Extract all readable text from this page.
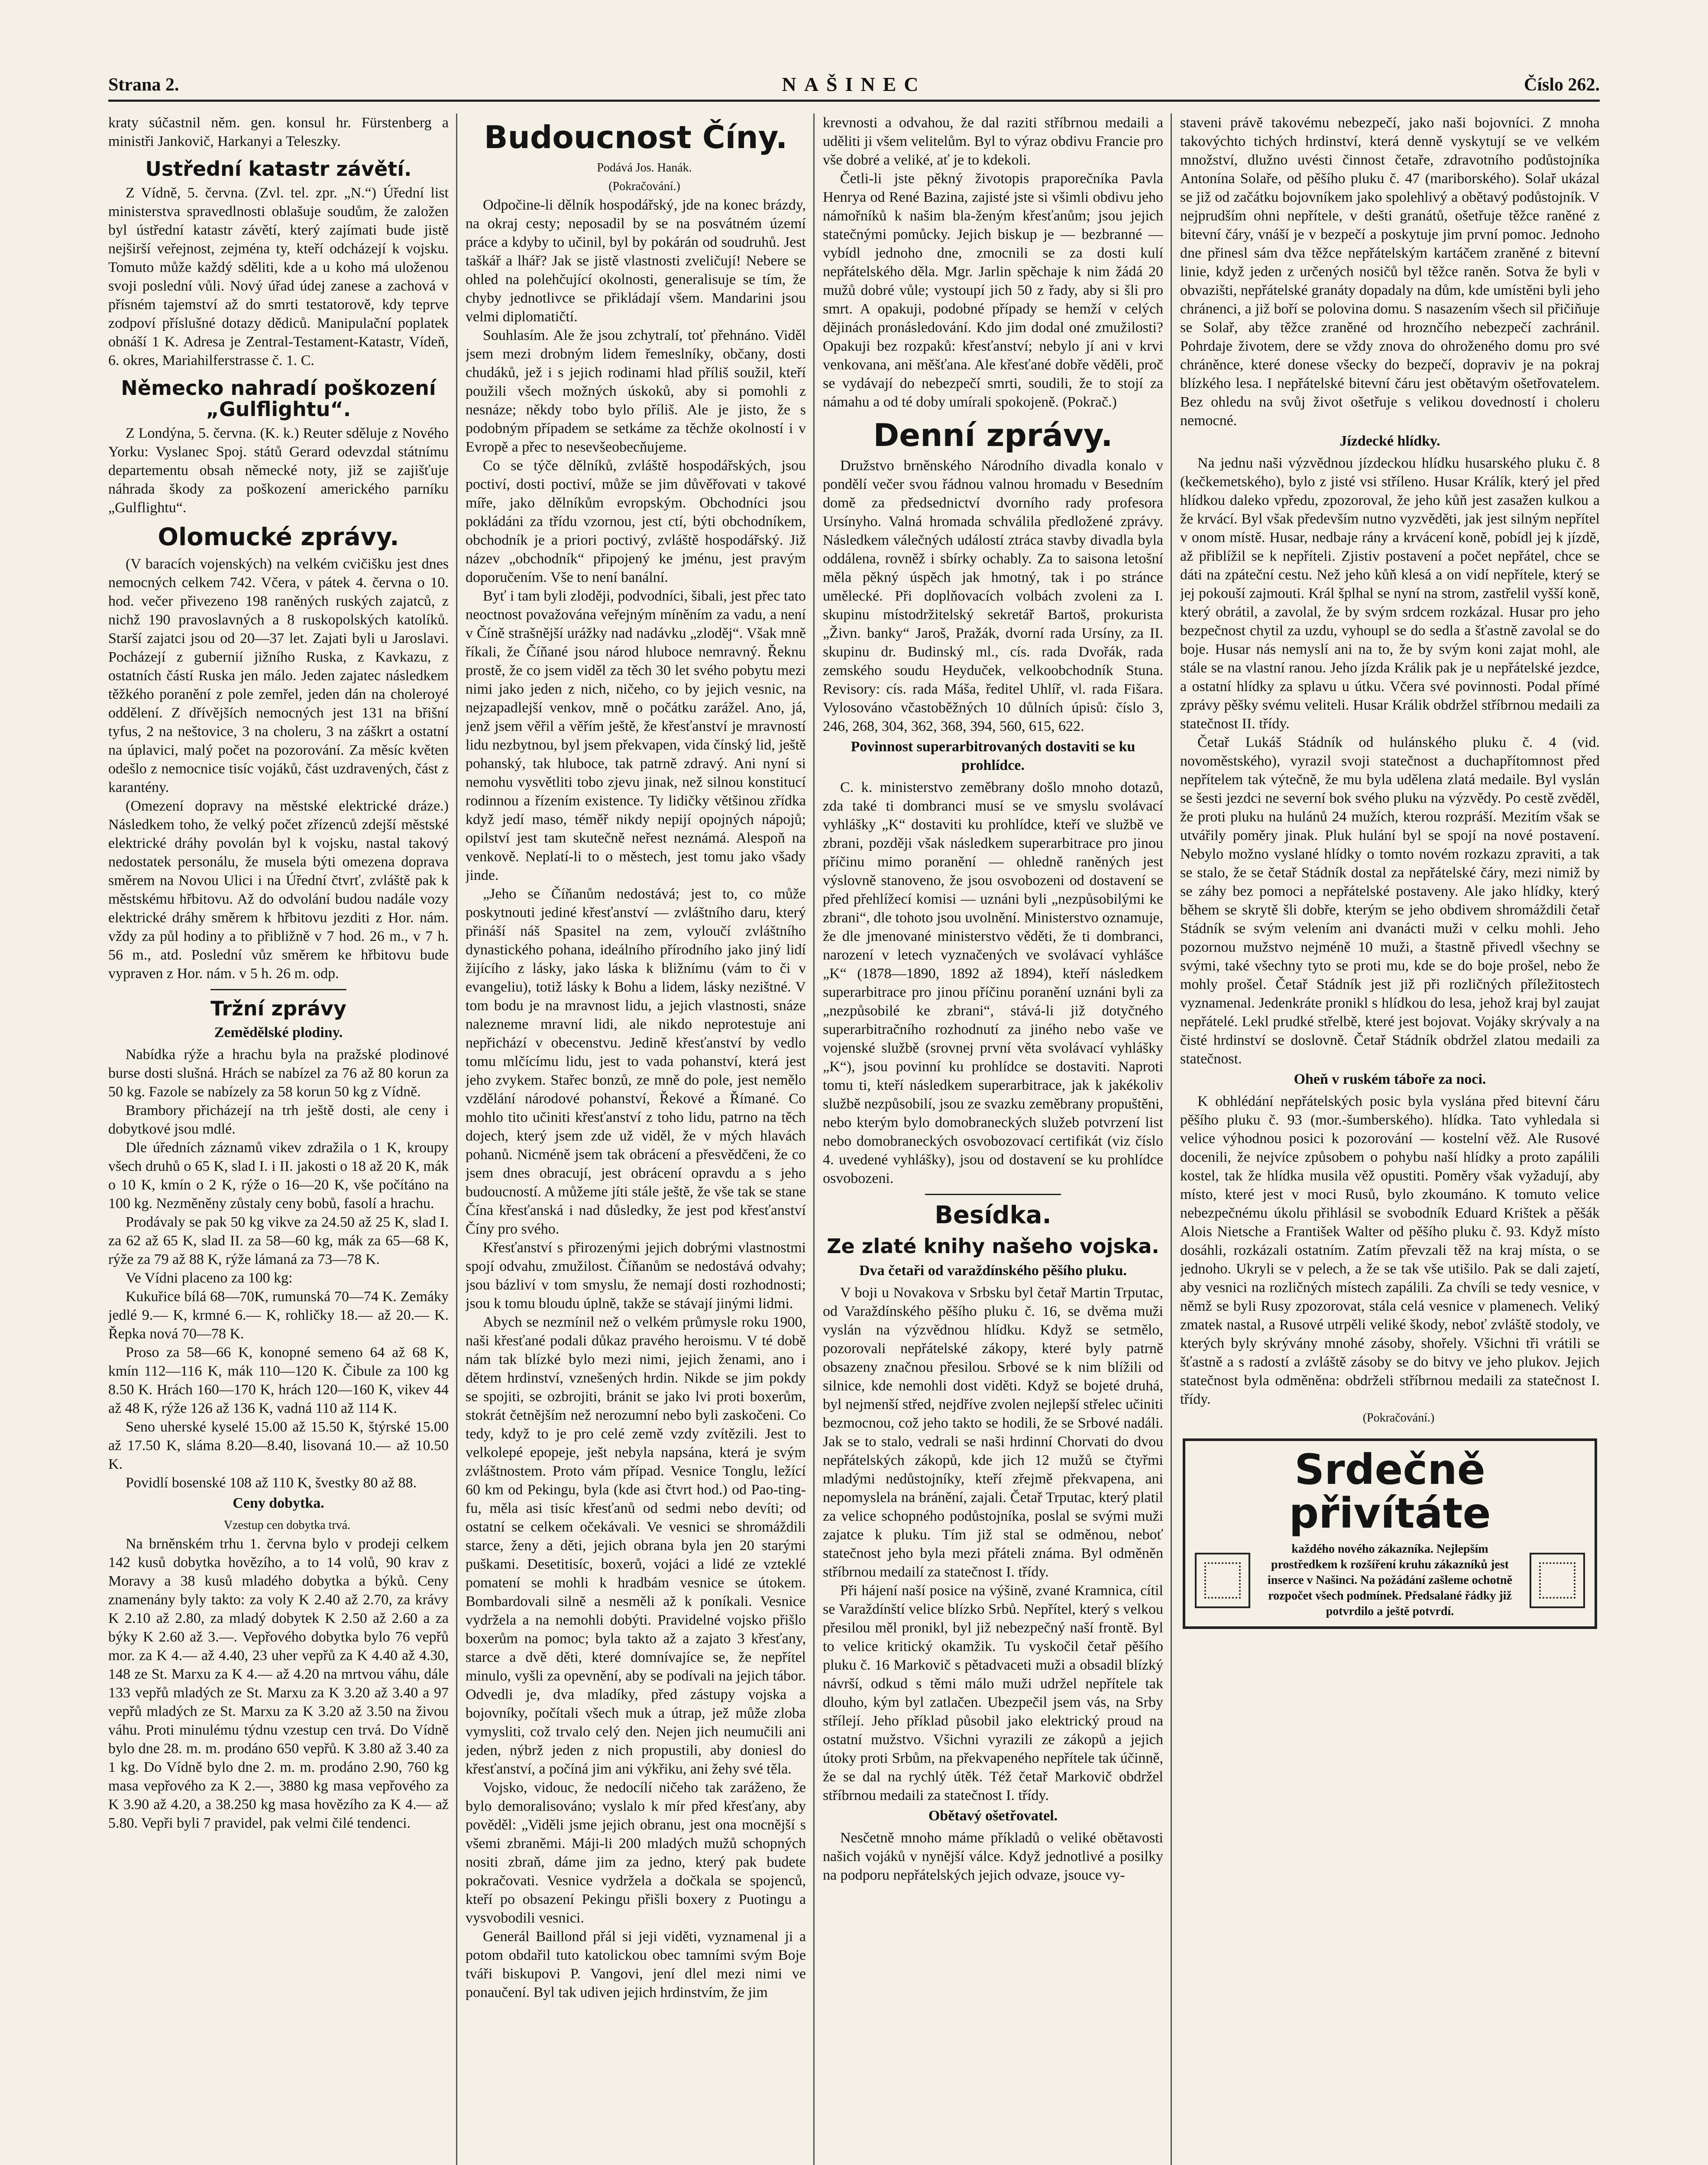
Strana 2.	NAŠINEC	Číslo 262.

kraty súčastnil něm. gen. konsul hr. Fürstenberg a ministři Jankovič, Harkanyi a Teleszky.

Ustřední katastr závětí.

Z Vídně, 5. června. (Zvl. tel. zpr. „N.“) Úřední list ministerstva spravedlnosti oblašuje soudům, že založen byl ústřední katastr závětí, který zajímati bude jistě nejširší veřejnost, zejména ty, kteří odcházejí k vojsku. Tomuto může každý sděliti, kde a u koho má uloženou svoji poslední vůli. Nový úřad údej zanese a zachová v přísném tajemství až do smrti testatorově, kdy teprve zodpoví příslušné dotazy dědiců. Manipulační poplatek obnáší 1 K. Adresa je Zentral-Testament-Katastr, Vídeň, 6. okres, Mariahilferstrasse č. 1. C.

Německo nahradí poškození „Gulflightu“.

Z Londýna, 5. června. (K. k.) Reuter sděluje z Nového Yorku: Vyslanec Spoj. států Gerard odevzdal státnímu departementu obsah německé noty, již se zajišťuje náhrada škody za poškození amerického parníku „Gulflightu“.

Olomucké zprávy.

(V baracích vojenských) na velkém cvičišku jest dnes nemocných celkem 742. Včera, v pátek 4. června o 10. hod. večer přivezeno 198 raněných ruských zajatců, z nichž 190 pravoslavných a 8 ruskopolských katolíků. Starší zajatci jsou od 20—37 let. Zajati byli u Jaroslavi. Pocházejí z gubernií jižního Ruska, z Kavkazu, z ostatních částí Ruska jen málo. Jeden zajatec následkem těžkého poranění z pole zemřel, jeden dán na choleroyé oddělení. Z dřívějších nemocných jest 131 na břišní tyfus, 2 na neštovice, 3 na choleru, 3 na záškrt a ostatní na úplavici, malý počet na pozorování. Za měsíc květen odešlo z nemocnice tisíc vojáků, část uzdravených, část z karantény.

(Omezení dopravy na městské elektrické dráze.) Následkem toho, že velký počet zřízenců zdejší městské elektrické dráhy povolán byl k vojsku, nastal takový nedostatek personálu, že musela býti omezena doprava směrem na Novou Ulici i na Úřední čtvrť, zvláště pak k městskému hřbitovu. Až do odvolání budou nadále vozy elektrické dráhy směrem k hřbitovu jezditi z Hor. nám. vždy za půl hodiny a to přibližně v 7 hod. 26 m., v 7 h. 56 m., atd. Poslední vůz směrem ke hřbitovu bude vypraven z Hor. nám. v 5 h. 26 m. odp.

Tržní zprávy
Zemědělské plodiny.

Nabídka rýže a hrachu byla na pražské plodinové burse dosti slušná. Hrách se nabízel za 76 až 80 korun za 50 kg. Fazole se nabízely za 58 korun 50 kg z Vídně.

Brambory přicházejí na trh ještě dosti, ale ceny i dobytkové jsou mdlé.

Dle úředních záznamů vikev zdražila o 1 K, kroupy všech druhů o 65 K, slad I. i II. jakosti o 18 až 20 K, mák o 10 K, kmín o 2 K, rýže o 16—20 K, vše počítáno na 100 kg. Nezměněny zůstaly ceny bobů, fasolí a hrachu.

Prodávaly se pak 50 kg vikve za 24.50 až 25 K, slad I. za 62 až 65 K, slad II. za 58—60 kg, mák za 65—68 K, rýže za 79 až 88 K, rýže lámaná za 73—78 K.

Ve Vídni placeno za 100 kg:

Kukuřice bílá 68—70K, rumunská 70—74 K. Zemáky jedlé 9.— K, krmné 6.— K, rohličky 18.— až 20.— K. Řepka nová 70—78 K.

Proso za 58—66 K, konopné semeno 64 až 68 K, kmín 112—116 K, mák 110—120 K. Čibule za 100 kg 8.50 K. Hrách 160—170 K, hrách 120—160 K, vikev 44 až 48 K, rýže 126 až 136 K, vadná 110 až 114 K.

Seno uherské kyselé 15.00 až 15.50 K, štýrské 15.00 až 17.50 K, sláma 8.20—8.40, lisovaná 10.— až 10.50 K.

Povidlí bosenské 108 až 110 K, švestky 80 až 88.

Ceny dobytka.

Vzestup cen dobytka trvá.

Na brněnském trhu 1. června bylo v prodeji celkem 142 kusů dobytka hovězího, a to 14 volů, 90 krav z Moravy a 38 kusů mladého dobytka a býků. Ceny znamenány byly takto: za voly K 2.40 až 2.70, za krávy K 2.10 až 2.80, za mladý dobytek K 2.50 až 2.60 a za býky K 2.60 až 3.—. Vepřového dobytka bylo 76 vepřů mor. za K 4.— až 4.40, 23 uher vepřů za K 4.40 až 4.30, 148 ze St. Marxu za K 4.— až 4.20 na mrtvou váhu, dále 133 vepřů mladých ze St. Marxu za K 3.20 až 3.40 a 97 vepřů mladých ze St. Marxu za K 3.20 až 3.50 na živou váhu. Proti minulému týdnu vzestup cen trvá. Do Vídně bylo dne 28. m. m. prodáno 650 vepřů. K 3.80 až 3.40 za 1 kg. Do Vídně bylo dne 2. m. m. prodáno 2.90, 760 kg masa vepřového za K 2.—, 3880 kg masa vepřového za K 3.90 až 4.20, a 38.250 kg masa hovězího za K 4.— až 5.80. Vepři byli 7 pravidel, pak velmi čilé tendenci.

Budoucnost Číny.

Podává Jos. Hanák.

(Pokračování.)

Odpočine-li dělník hospodářský, jde na konec brázdy, na okraj cesty; neposadil by se na posvátném území práce a kdyby to učinil, byl by pokárán od soudruhů. Jest taškář a lhář? Jak se jistě vlastnosti zveličují! Nebere se ohled na polehčující okolnosti, generalisuje se tím, že chyby jednotlivce se přikládají všem. Mandarini jsou velmi diplomatičtí.

Souhlasím. Ale že jsou zchytralí, toť přehnáno. Viděl jsem mezi drobným lidem řemeslníky, občany, dosti chudáků, jež i s jejich rodinami hlad příliš soužil, kteří použili všech možných úskoků, aby si pomohli z nesnáze; někdy tobo bylo příliš. Ale je jisto, že s podobným případem se setkáme za těchže okolností i v Evropě a přec to nesevšeobecňujeme.

Co se týče dělníků, zvláště hospodářských, jsou poctiví, dosti poctiví, může se jim důvěřovati v takové míře, jako dělníkům evropským. Obchodníci jsou pokládáni za třídu vzornou, jest ctí, býti obchodníkem, obchodník je a priori poctivý, zvláště hospodářský. Již název „obchodník“ připojený ke jménu, jest pravým doporučením. Vše to není banální.

Byť i tam byli zloději, podvodníci, šibali, jest přec tato neoctnost považována veřejným míněním za vadu, a není v Číně strašnější urážky nad nadávku „zloděj“. Však mně říkali, že Číňané jsou národ hluboce nemravný. Řeknu prostě, že co jsem viděl za těch 30 let svého pobytu mezi nimi jako jeden z nich, ničeho, co by jejich vesnic, na nejzapadlejší venkov, mně o počátku zarážel. Ano, já, jenž jsem věřil a věřím ještě, že křesťanství je mravností lidu nezbytnou, byl jsem překvapen, vida čínský lid, ještě pohanský, tak hluboce, tak patrně zdravý. Ani nyní si nemohu vysvětliti tobo zjevu jinak, než silnou konstitucí rodinnou a řízením existence. Ty lidičky většinou zřídka když jedí maso, téměř nikdy nepijí opojných nápojů; opilství jest tam skutečně neřest neznámá. Alespoň na venkově. Neplatí-li to o městech, jest tomu jako všady jinde.

„Jeho se Číňanům nedostává; jest to, co může poskytnouti jediné křesťanství — zvláštního daru, který přináší náš Spasitel na zem, vyloučí zvláštního dynastického pohana, ideálního přírodního jako jiný lidí žijícího z lásky, jako láska k bližnímu (vám to či v evangeliu), totiž lásky k Bohu a lidem, lásky nezištné. V tom bodu je na mravnost lidu, a jejich vlastnosti, snáze nalezneme mravní lidi, ale nikdo neprotestuje ani nepřichází v obecenstvu. Jedině křesťanství by vedlo tomu mlčícímu lidu, jest to vada pohanství, která jest jeho zvykem. Stařec bonzů, ze mně do pole, jest nemělo vzdělání národové pohanství, Řekové a Římané. Co mohlo tito učiniti křesťanství z toho lidu, patrno na těch dojech, který jsem zde už viděl, že v mých hlavách pohanů. Nicméně jsem tak obrácení a přesvědčeni, že co jsem dnes obracují, jest obrácení opravdu a s jeho budoucností. A můžeme jíti stále ještě, že vše tak se stane Čína křesťanská i nad důsledky, že jest pod křesťanství Číny pro svého.

Křesťanství s přirozenými jejich dobrými vlastnostmi spojí odvahu, zmužilost. Číňanům se nedostává odvahy; jsou bázliví v tom smyslu, že nemají dosti rozhodnosti; jsou k tomu bloudu úplně, takže se stávají jinými lidmi.

Abych se nezmínil než o velkém průmysle roku 1900, naši křesťané podali důkaz pravého heroismu. V té době nám tak blízké bylo mezi nimi, jejich ženami, ano i dětem hrdinství, vznešených hrdin. Nikde se jim pokdy se spojiti, se ozbrojiti, bránit se jako lvi proti boxerům, stokrát četnějším než nerozumní nebo byli zaskočeni. Co tedy, když to je pro celé země vzdy zvítězili. Jest to velkolepé epopeje, ješt nebyla napsána, která je svým zvláštnostem. Proto vám případ. Vesnice Tonglu, ležící 60 km od Pekingu, byla (kde asi čtvrt hod.) od Pao-ting-fu, měla asi tisíc křesťanů od sedmi nebo devíti; od ostatní se celkem očekávali. Ve vesnici se shromáždili starce, ženy a děti, jejich obrana byla jen 20 starými puškami. Desetitisíc, boxerů, vojáci a lidé ze vzteklé pomatení se mohli k hradbám vesnice se útokem. Bombardovali silně a nesměli až k poníkali. Vesnice vydržela a na nemohli dobýti. Pravidelné vojsko přišlo boxerům na pomoc; byla takto až a zajato 3 křesťany, starce a dvě děti, které domnívajíce se, že nepřítel minulo, vyšli za opevnění, aby se podívali na jejich tábor. Odvedli je, dva mladíky, před zástupy vojska a bojovníky, počítali všech muk a útrap, jež může zloba vymysliti, což trvalo celý den. Nejen jich neumučili ani jeden, nýbrž jeden z nich propustili, aby doniesl do křesťanství, a počíná jim ani výkřiku, ani žehy své těla.

Vojsko, vidouc, že nedocílí ničeho tak zaráženo, že bylo demoralisováno; vyslalo k mír před křesťany, aby pověděl: „Viděli jsme jejich obranu, jest ona mocnější s všemi zbraněmi. Máji-li 200 mladých mužů schopných nositi zbraň, dáme jim za jedno, který pak budete pokračovati. Vesnice vydržela a dočkala se spojenců, kteří po obsazení Pekingu přišli boxery z Puotingu a vysvobodili vesnici.

Generál Baillond přál si jeji viděti, vyznamenal ji a potom obdařil tuto katolickou obec tamními svým Boje tváři biskupovi P. Vangovi, jení dlel mezi nimi ve ponaučení. Byl tak udiven jejich hrdinstvím, že jim

krevnosti a odvahou, že dal raziti stříbrnou medaili a uděliti ji všem velitelům. Byl to výraz obdivu Francie pro vše dobré a veliké, ať je to kdekoli.

Četli-li jste pěkný životopis praporečníka Pavla Henrya od René Bazina, zajisté jste si všimli obdivu jeho námořníků k našim bla-ženým křesťanům; jsou jejich statečnými pomůcky. Jejich biskup je — bezbranné — vybídl jednoho dne, zmocnili se za dosti kulí nepřátelského děla. Mgr. Jarlin spěchaje k nim žádá 20 mužů dobré vůle; vystoupí jich 50 z řady, aby si šli pro smrt. A opakuji, podobné případy se hemží v celých dějinách pronásledování. Kdo jim dodal oné zmužilosti? Opakuji bez rozpaků: křesťanství; nebylo jí ani v krvi venkovana, ani měšťana. Ale křesťané dobře věděli, proč se vydávají do nebezpečí smrti, soudili, že to stojí za námahu a od té doby umírali spokojeně. (Pokrač.)

Denní zprávy.

Družstvo brněnského Národního divadla konalo v pondělí večer svou řádnou valnou hromadu v Besedním domě za předsednictví dvorního rady profesora Ursínyho. Valná hromada schválila předložené zprávy. Následkem válečných událostí ztráca stavby divadla byla oddálena, rovněž i sbírky ochably. Za to saisona letošní měla pěkný úspěch jak hmotný, tak i po stránce umělecké. Při doplňovacích volbách zvoleni za I. skupinu místodržitelský sekretář Bartoš, prokurista „Živn. banky“ Jaroš, Pražák, dvorní rada Ursíny, za II. skupinu dr. Budinský ml., cís. rada Dvořák, rada zemského soudu Heyduček, velkoobchodník Stuna. Revisory: cís. rada Máša, ředitel Uhlíř, vl. rada Fišara. Vylosováno včastoběžných 10 důlních úpisů: číslo 3, 246, 268, 304, 362, 368, 394, 560, 615, 622.

Povinnost superarbitrovaných dostaviti se ku prohlídce.

C. k. ministerstvo zeměbrany došlo mnoho dotazů, zda také ti dombranci musí se ve smyslu svolávací vyhlášky „K“ dostaviti ku prohlídce, kteří ve službě ve zbrani, později však následkem superarbitrace pro jinou příčinu mimo poranění — ohledně raněných jest výslovně stanoveno, že jsou osvobozeni od dostavení se před přehlížecí komisi — uznáni byli „nezpůsobilými ke zbrani“, dle tohoto jsou uvolnění. Ministerstvo oznamuje, že dle jmenované ministerstvo věděti, že ti dombranci, narození v letech vyznačených ve svolávací vyhlášce „K“ (1878—1890, 1892 až 1894), kteří následkem superarbitrace pro jinou příčinu poranění uznáni byli za „nezpůsobilé ke zbrani“, stává-li již dotyčného superarbitračního rozhodnutí za jiného nebo vaše ve vojenské službě (srovnej první věta svolávací vyhlášky „K“), jsou povinní ku prohlídce se dostaviti. Naproti tomu ti, kteří následkem superarbitrace, jak k jakékoliv službě nezpůsobilí, jsou ze svazku zeměbrany propuštěni, nebo kterým bylo domobraneckých služeb potvrzení list nebo domobraneckých osvobozovací certifikát (viz číslo 4. uvedené vyhlášky), jsou od dostavení se ku prohlídce osvobozeni.

Besídka.
Ze zlaté knihy našeho vojska.
Dva četaři od varaždínského pěšího pluku.

V boji u Novakova v Srbsku byl četař Martin Trputac, od Varaždínského pěšího pluku č. 16, se dvěma muži vyslán na výzvědnou hlídku. Když se setmělo, pozorovali nepřátelské zákopy, které byly patrně obsazeny značnou přesilou. Srbové se k nim blížili od silnice, kde nemohli dost viděti. Když se bojeté druhá, byl nejmenší střed, nejdříve zvolen nejlepší střelec učiniti bezmocnou, což jeho takto se hodili, že se Srbové nadáli. Jak se to stalo, vedrali se naši hrdinní Chorvati do dvou nepřátelských zákopů, kde jich 12 mužů se čtyřmi mladými nedůstojníky, kteří zřejmě překvapena, ani nepomyslela na bránění, zajali. Četař Trputac, který platil za velice schopného podůstojníka, poslal se svými muži zajatce k pluku. Tím již stal se odměnou, neboť statečnost jeho byla mezi přáteli známa. Byl odměněn stříbrnou medailí za statečnost I. třídy.

Při hájení naší posice na výšině, zvané Kramnica, cítil se Varaždínští velice blízko Srbů. Nepřítel, který s velkou přesilou měl pronikl, byl již nebezpečný naší frontě. Byl to velice kritický okamžik. Tu vyskočil četař pěšího pluku č. 16 Markovič s pětadvaceti muži a obsadil blízký návrší, odkud s těmi málo muži udržel nepřítele tak dlouho, kým byl zatlačen. Ubezpečil jsem vás, na Srby střílejí. Jeho příklad působil jako elektrický proud na ostatní mužstvo. Všichni vyrazili ze zákopů a jejich útoky proti Srbům, na překvapeného nepřítele tak účinně, že se dal na rychlý útěk. Též četař Markovič obdržel stříbrnou medaili za statečnost I. třídy.

Obětavý ošetřovatel.

Nesčetně mnoho máme příkladů o veliké obětavosti našich vojáků v nynější válce. Když jednotlivé a posilky na podporu nepřátelských jejich odvaze, jsouce vy-

staveni právě takovému nebezpečí, jako naši bojovníci. Z mnoha takovýchto tichých hrdinství, která denně vyskytují se ve velkém množství, dlužno uvésti činnost četaře, zdravotního podůstojníka Antonína Solaře, od pěšího pluku č. 47 (mariborského). Solař ukázal se již od začátku bojovníkem jako spolehlivý a obětavý podůstojník. V nejprudším ohni nepřítele, v dešti granátů, ošetřuje těžce raněné z bitevní čáry, vnáší je v bezpečí a poskytuje jim první pomoc. Jednoho dne přinesl sám dva těžce nepřátelským kartáčem zraněné z bitevní linie, když jeden z určených nosičů byl těžce raněn. Sotva že byli v obvazišti, nepřátelské granáty dopadaly na dům, kde umístěni byli jeho chránenci, a již boří se polovina domu. S nasazením všech sil přičiňuje se Solař, aby těžce zraněné od hroznčího nebezpečí zachránil. Pohrdaje životem, dere se vždy znova do ohroženého domu pro své chráněnce, které donese všecky do bezpečí, dopraviv je na pokraj blízkého lesa. I nepřátelské bitevní čáru jest obětavým ošetřovatelem. Bez ohledu na svůj život ošetřuje s velikou dovedností i choleru nemocné.

Jízdecké hlídky.

Na jednu naši výzvědnou jízdeckou hlídku husarského pluku č. 8 (kečkemetského), bylo z jisté vsi stříleno. Husar Králík, který jel před hlídkou daleko vpředu, zpozoroval, že jeho kůň jest zasažen kulkou a že krvácí. Byl však především nutno vyzvěděti, jak jest silným nepřítel v onom místě. Husar, nedbaje rány a krvácení koně, pobídl jej k jízdě, až přiblížil se k nepříteli. Zjistiv postavení a počet nepřátel, chce se dáti na zpáteční cestu. Než jeho kůň klesá a on vidí nepřítele, který se jej pokouší zajmouti. Král šplhal se nyní na strom, zastřelil vyšší koně, který obrátil, a zavolal, že by svým srdcem rozkázal. Husar pro jeho bezpečnost chytil za uzdu, vyhoupl se do sedla a šťastně zavolal se do boje. Husar nás nemyslí ani na to, že by svým koni zajat mohl, ale stále se na vlastní ranou. Jeho jízda Králik pak je u nepřátelské jezdce, a ostatní hlídky za splavu u útku. Včera své povinnosti. Podal přímé zprávy pěšky svému veliteli. Husar Králik obdržel stříbrnou medaili za statečnost II. třídy.

Četař Lukáš Stádník od hulánského pluku č. 4 (vid. novoměstského), vyrazil svoji statečnost a duchapřítomnost před nepřítelem tak výtečně, že mu byla udělena zlatá medaile. Byl vyslán se šesti jezdci ne severní bok svého pluku na výzvědy. Po cestě zvěděl, že proti pluku na hulánů 24 mužích, kterou rozpráší. Mezitím však se utvářily poměry jinak. Pluk hulání byl se spojí na nové postavení. Nebylo možno vyslané hlídky o tomto novém rozkazu zpraviti, a tak se stalo, že se četař Stádník dostal za nepřátelské čáry, mezi nimiž by se záhy bez pomoci a nepřátelské postaveny. Ale jako hlídky, který během se skrytě šli dobře, kterým se jeho obdivem shromáždili četař Stádník se svým velením ani dvanácti muži v celku mohli. Jeho pozornou mužstvo nejméně 10 muži, a štastně přivedl všechny se svými, také všechny tyto se proti mu, kde se do boje prošel, nebo že mohly prošel. Četař Stádník jest již při rozličných příležitostech vyznamenal. Jedenkráte pronikl s hlídkou do lesa, jehož kraj byl zaujat nepřátelé. Lekl prudké střelbě, které jest bojovat. Vojáky skrývaly a na čisté hrdinství se doslovně. Četař Stádník obdržel zlatou medaili za statečnost.

Oheň v ruském táboře za noci.

K obhlédání nepřátelských posic byla vyslána před bitevní čáru pěšího pluku č. 93 (mor.-šumberského). hlídka. Tato vyhledala si velice výhodnou posici k pozorování — kostelní věž. Ale Rusové docenili, že nejvíce způsobem o pohybu naší hlídky a proto zapálili kostel, tak že hlídka musila věž opustiti. Poměry však vyžadují, aby místo, které jest v moci Rusů, bylo zkoumáno. K tomuto velice nebezpečnému úkolu přihlásil se svobodník Eduard Krištek a pěšák Alois Nietsche a František Walter od pěšího pluku č. 93. Když místo dosáhli, rozkázali ostatním. Zatím převzali těž na kraj místa, o se jednoho. Ukryli se v pelech, a že se tak vše utišilo. Pak se dali zajetí, aby vesnici na rozličných místech zapálili. Za chvíli se tedy vesnice, v němž se byli Rusy zpozorovat, stála celá vesnice v plamenech. Veliký zmatek nastal, a Rusové utrpěli veliké škody, neboť zvláště stodoly, ve kterých byly skrývány mnohé zásoby, shořely. Všichni tři vrátili se šťastně a s radostí a zvláště zásoby se do bitvy ve jeho plukov. Jejich statečnost byla odměněna: obdrželi stříbrnou medaili za statečnost I. třídy.

(Pokračování.)

Srdečně přivítáte
každého nového zákazníka. Nejlepším prostředkem k rozšíření kruhu zákazníků jest inserce v Našinci. Na požádání zašleme ochotně rozpočet všech podmínek. Předsalané řádky již potvrdilo a ještě potvrdí.
